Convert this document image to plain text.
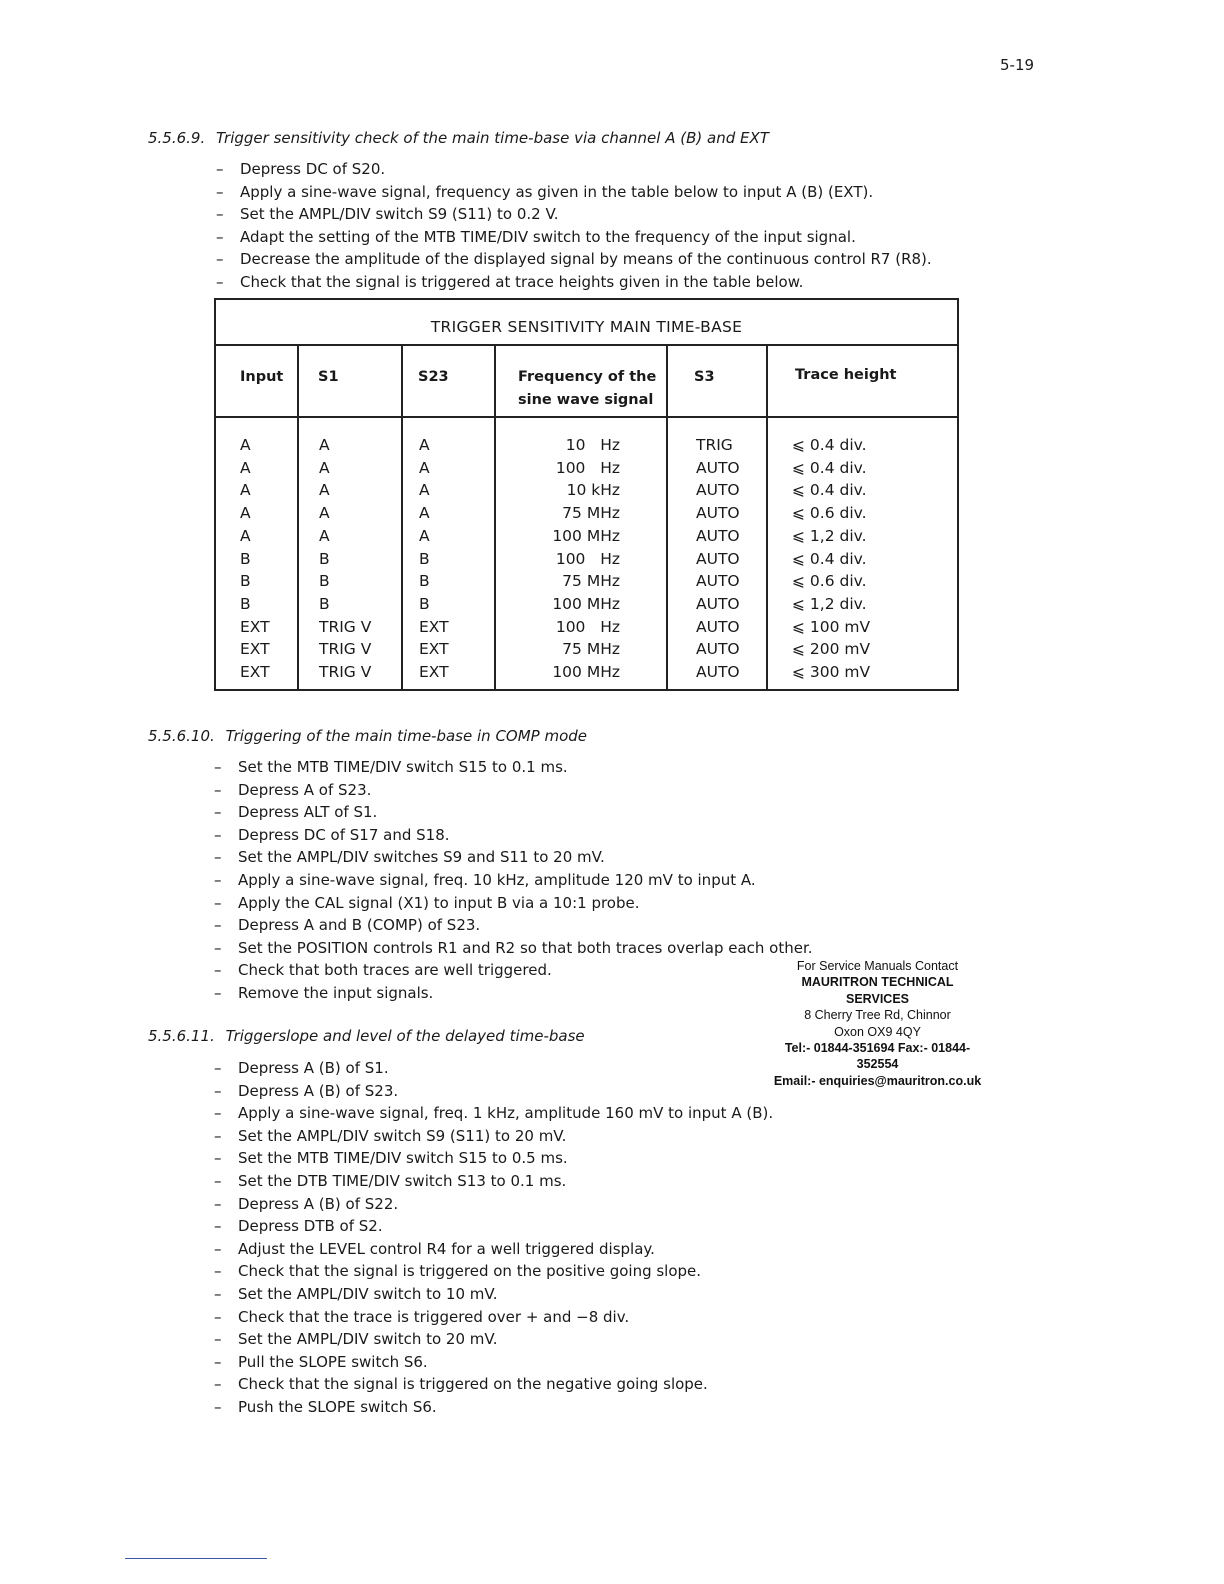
5-19
5.5.6.9. Trigger sensitivity check of the main time-base via channel A (B) and EXT
– Depress DC of S20.
– Apply a sine-wave signal, frequency as given in the table below to input A (B) (EXT).
– Set the AMPL/DIV switch S9 (S11) to 0.2 V.
– Adapt the setting of the MTB TIME/DIV switch to the frequency of the input signal.
– Decrease the amplitude of the displayed signal by means of the continuous control R7 (R8).
– Check that the signal is triggered at trace heights given in the table below.
TRIGGER SENSITIVITY MAIN TIME-BASE
Input S1	S23	Frequency of the
sine wave signal
S3	Trace height
A	A	A	10   Hz	TRIG	⩽ 0.4 div.
A	A	A	100   Hz	AUTO	⩽ 0.4 div.
A	A	A	10 kHz	AUTO	⩽ 0.4 div.
A	A	A	75 MHz	AUTO	⩽ 0.6 div.
A	A	A	100 MHz	AUTO	⩽ 1,2 div.
B	B	B	100   Hz	AUTO	⩽ 0.4 div.
B	B	B	75 MHz	AUTO	⩽ 0.6 div.
B	B	B	100 MHz	AUTO	⩽ 1,2 div.
EXT	TRIG V	EXT	100   Hz	AUTO	⩽ 100 mV
EXT	TRIG V	EXT	75 MHz	AUTO	⩽ 200 mV
EXT	TRIG V	EXT	100 MHz	AUTO	⩽ 300 mV
5.5.6.10. Triggering of the main time-base in COMP mode
– Set the MTB TIME/DIV switch S15 to 0.1 ms.
– Depress A of S23.
– Depress ALT of S1.
– Depress DC of S17 and S18.
– Set the AMPL/DIV switches S9 and S11 to 20 mV.
– Apply a sine-wave signal, freq. 10 kHz, amplitude 120 mV to input A.
– Apply the CAL signal (X1) to input B via a 10:1 probe.
– Depress A and B (COMP) of S23.
– Set the POSITION controls R1 and R2 so that both traces overlap each other.
– Check that both traces are well triggered.
– Remove the input signals.
For Service Manuals Contact
MAURITRON TECHNICAL SERVICES
8 Cherry Tree Rd, Chinnor
Oxon OX9 4QY
Tel:- 01844-351694 Fax:- 01844-352554
Email:- enquiries@mauritron.co.uk
5.5.6.11. Triggerslope and level of the delayed time-base
– Depress A (B) of S1.
– Depress A (B) of S23.
– Apply a sine-wave signal, freq. 1 kHz, amplitude 160 mV to input A (B).
– Set the AMPL/DIV switch S9 (S11) to 20 mV.
– Set the MTB TIME/DIV switch S15 to 0.5 ms.
– Set the DTB TIME/DIV switch S13 to 0.1 ms.
– Depress A (B) of S22.
– Depress DTB of S2.
– Adjust the LEVEL control R4 for a well triggered display.
– Check that the signal is triggered on the positive going slope.
– Set the AMPL/DIV switch to 10 mV.
– Check that the trace is triggered over + and −8 div.
– Set the AMPL/DIV switch to 20 mV.
– Pull the SLOPE switch S6.
– Check that the signal is triggered on the negative going slope.
– Push the SLOPE switch S6.
